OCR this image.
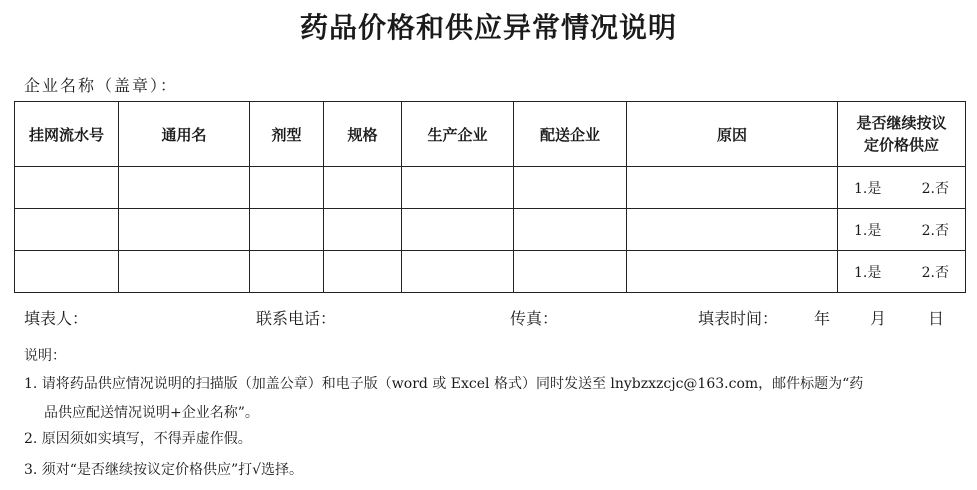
药品价格和供应异常情况说明
企业名称（盖章）：
挂网流水号	通用名	剂型	规格	生产企业	配送企业	原因	是否继续按议
定价格供应

							1.是 2.否

							1.是 2.否

							1.是 2.否
填表人：	联系电话：	传真：	填表时间： 年 月	日
说明：
1. 请将药品供应情况说明的扫描版（加盖公章）和电子版（word 或 Excel 格式）同时发送至 lnybzxzcjc@163.com，邮件标题为“药
品供应配送情况说明+企业名称”。
2. 原因须如实填写，不得弄虚作假。
3. 须对“是否继续按议定价格供应”打√选择。
